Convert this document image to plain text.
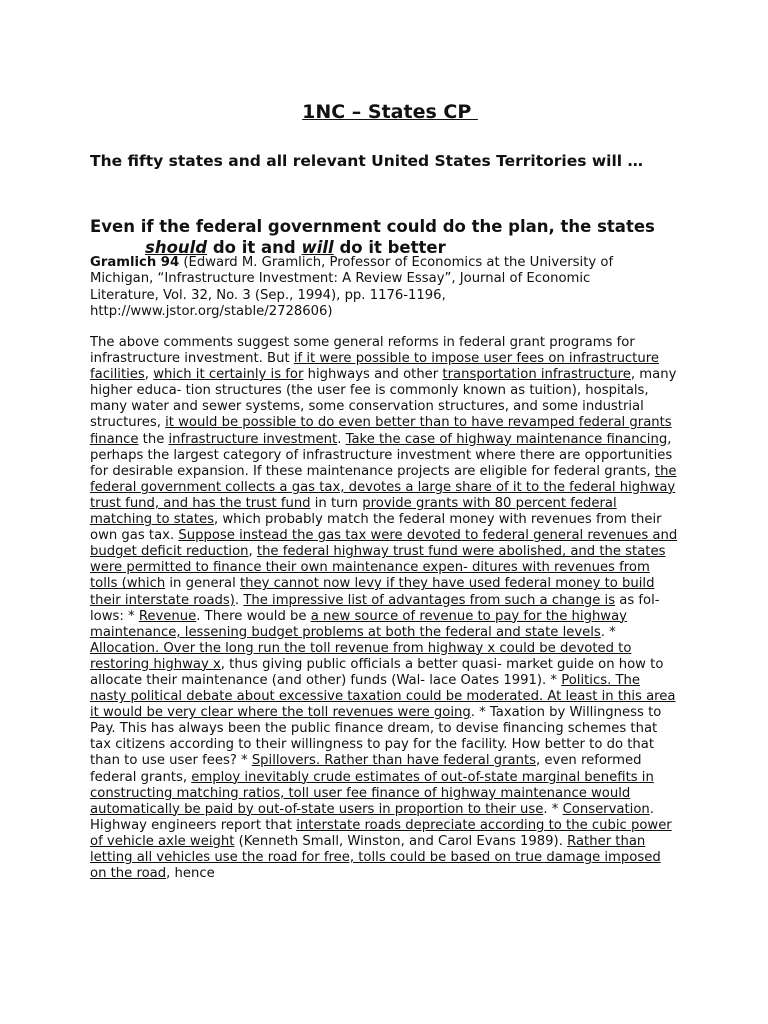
1NC – States CP
The fifty states and all relevant United States Territories will …
Even if the federal government could do the plan, the states
should do it and will do it better
Gramlich 94 (Edward M. Gramlich, Professor of Economics at the University of Michigan, “Infrastructure Investment: A Review Essay”, Journal of Economic Literature, Vol. 32, No. 3 (Sep., 1994), pp. 1176-1196, http://www.jstor.org/stable/2728606)
The above comments suggest some general reforms in federal grant programs for infrastructure investment. But if it were possible to impose user fees on infrastructure facilities, which it certainly is for highways and other transportation infrastructure, many higher educa- tion structures (the user fee is commonly known as tuition), hospitals, many water and sewer systems, some conservation structures, and some industrial structures, it would be possible to do even better than to have revamped federal grants finance the infrastructure investment. Take the case of highway maintenance financing, perhaps the largest category of infrastructure investment where there are opportunities for desirable expansion. If these maintenance projects are eligible for federal grants, the federal government collects a gas tax, devotes a large share of it to the federal highway trust fund, and has the trust fund in turn provide grants with 80 percent federal matching to states, which probably match the federal money with revenues from their own gas tax. Suppose instead the gas tax were devoted to federal general revenues and budget deficit reduction, the federal highway trust fund were abolished, and the states were permitted to finance their own maintenance expen- ditures with revenues from tolls (which in general they cannot now levy if they have used federal money to build their interstate roads). The impressive list of advantages from such a change is as fol- lows: * Revenue. There would be a new source of revenue to pay for the highway maintenance, lessening budget problems at both the federal and state levels. * Allocation. Over the long run the toll revenue from highway x could be devoted to restoring highway x, thus giving public officials a better quasi- market guide on how to allocate their maintenance (and other) funds (Wal- lace Oates 1991). * Politics. The nasty political debate about excessive taxation could be moderated. At least in this area it would be very clear where the toll revenues were going. * Taxation by Willingness to Pay. This has always been the public finance dream, to devise financing schemes that tax citizens according to their willingness to pay for the facility. How better to do that than to use user fees? * Spillovers. Rather than have federal grants, even reformed federal grants, employ inevitably crude estimates of out-of-state marginal benefits in constructing matching ratios, toll user fee finance of highway maintenance would automatically be paid by out-of-state users in proportion to their use. * Conservation. Highway engineers report that interstate roads depreciate according to the cubic power of vehicle axle weight (Kenneth Small, Winston, and Carol Evans 1989). Rather than letting all vehicles use the road for free, tolls could be based on true damage imposed on the road, hence
